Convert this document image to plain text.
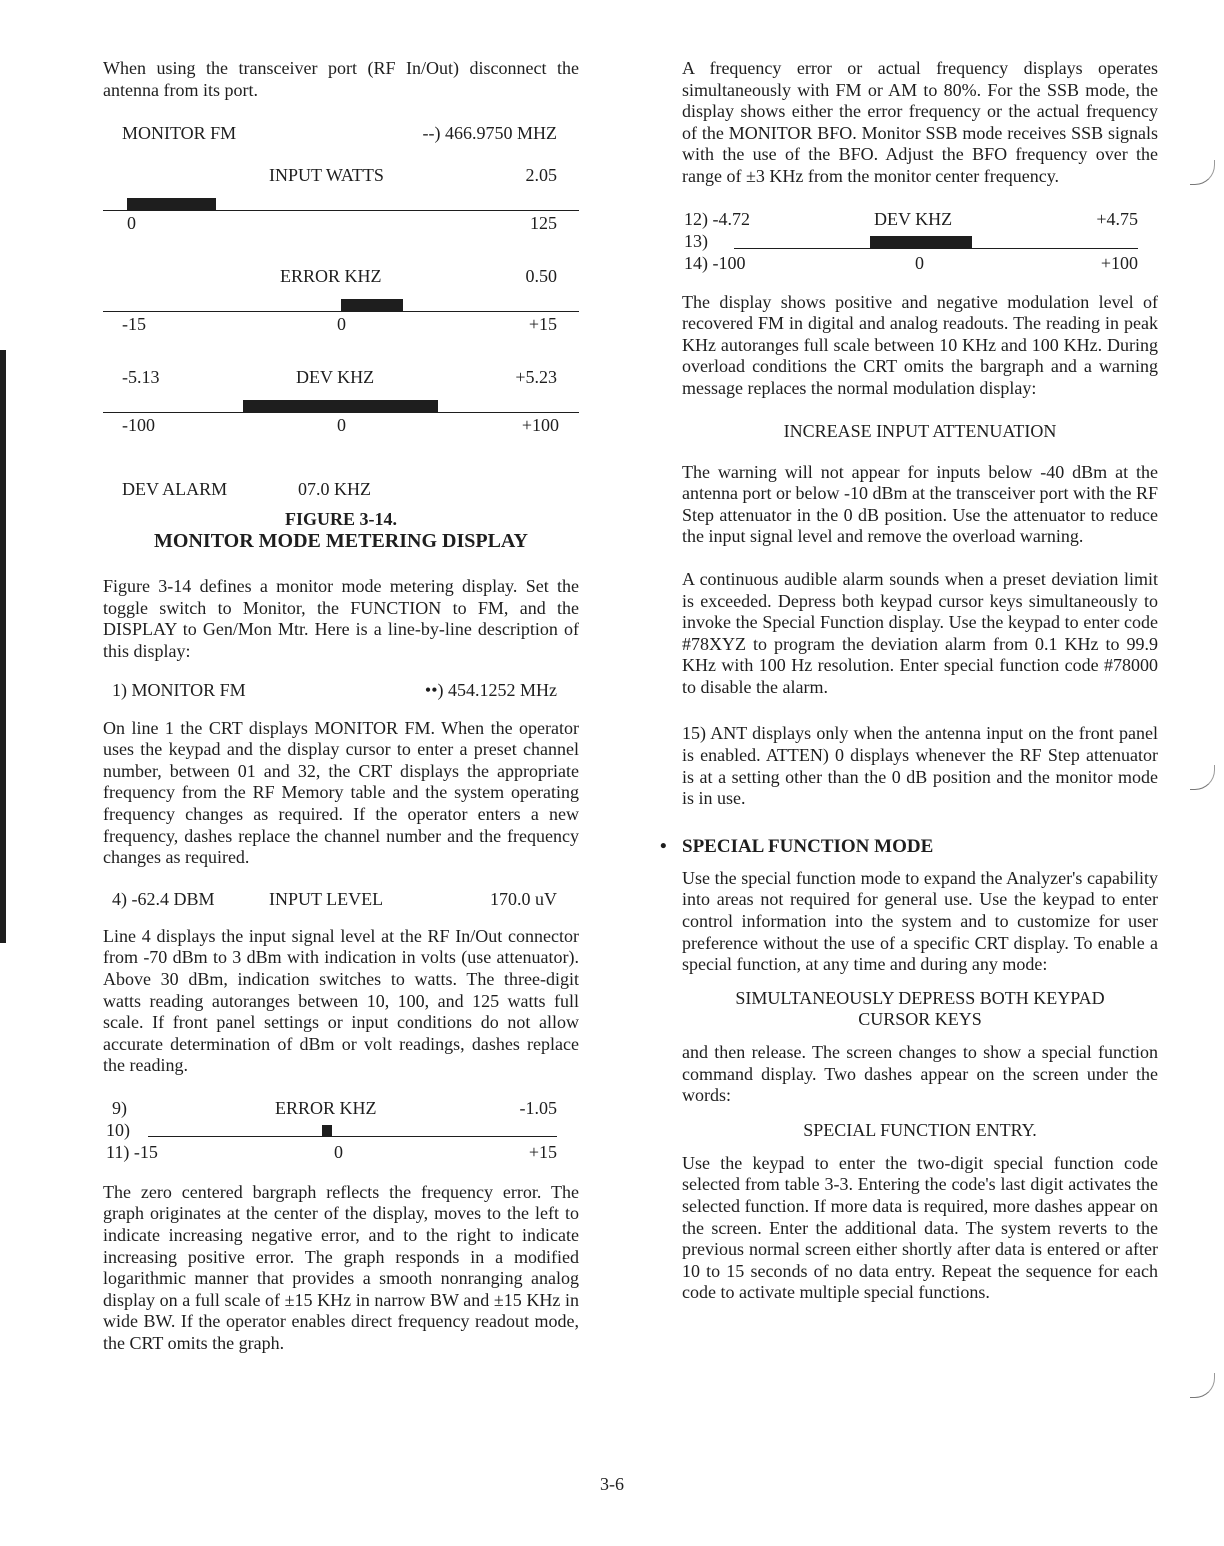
When using the transceiver port (RF In/Out) disconnect the antenna from its port.

MONITOR FM	--) 466.9750 MHZ
INPUT WATTS	2.05
0	125
ERROR KHZ	0.50
-15	0	+15
-5.13	DEV KHZ	+5.23
-100	0	+100
DEV ALARM	07.0 KHZ
FIGURE 3-14.
MONITOR MODE METERING DISPLAY

Figure 3-14 defines a monitor mode metering display. Set the toggle switch to Monitor, the FUNCTION to FM, and the DISPLAY to Gen/Mon Mtr. Here is a line-by-line description of this display:

1) MONITOR FM	••) 454.1252 MHz

On line 1 the CRT displays MONITOR FM. When the operator uses the keypad and the display cursor to enter a preset channel number, between 01 and 32, the CRT displays the appropriate frequency from the RF Memory table and the system operating frequency changes as required. If the operator enters a new frequency, dashes replace the channel number and the frequency changes as required.

4) -62.4 DBM	INPUT LEVEL	170.0 uV

Line 4 displays the input signal level at the RF In/Out connector from -70 dBm to 3 dBm with indication in volts (use attenuator). Above 30 dBm, indication switches to watts. The three-digit watts reading autoranges between 10, 100, and 125 watts full scale. If front panel settings or input conditions do not allow accurate determination of dBm or volt readings, dashes replace the reading.

9)	ERROR KHZ	-1.05
10)
11) -15	0	+15

The zero centered bargraph reflects the frequency error. The graph originates at the center of the display, moves to the left to indicate increasing negative error, and to the right to indicate increasing positive error. The graph responds in a modified logarithmic manner that provides a smooth nonranging analog display on a full scale of ±15 KHz in narrow BW and ±15 KHz in wide BW. If the operator enables direct frequency readout mode, the CRT omits the graph.

A frequency error or actual frequency displays operates simultaneously with FM or AM to 80%. For the SSB mode, the display shows either the error frequency or the actual frequency of the MONITOR BFO. Monitor SSB mode receives SSB signals with the use of the BFO. Adjust the BFO frequency over the range of ±3 KHz from the monitor center frequency.

12) -4.72	DEV KHZ	+4.75
13)
14) -100	0	+100

The display shows positive and negative modulation level of recovered FM in digital and analog readouts. The reading in peak KHz autoranges full scale between 10 KHz and 100 KHz. During overload conditions the CRT omits the bargraph and a warning message replaces the normal modulation display:

INCREASE INPUT ATTENUATION

The warning will not appear for inputs below -40 dBm at the antenna port or below -10 dBm at the transceiver port with the RF Step attenuator in the 0 dB position. Use the attenuator to reduce the input signal level and remove the overload warning.

A continuous audible alarm sounds when a preset deviation limit is exceeded. Depress both keypad cursor keys simultaneously to invoke the Special Function display. Use the keypad to enter code #78XYZ to program the deviation alarm from 0.1 KHz to 99.9 KHz with 100 Hz resolution. Enter special function code #78000 to disable the alarm.

15) ANT displays only when the antenna input on the front panel is enabled. ATTEN) 0 displays whenever the RF Step attenuator is at a setting other than the 0 dB position and the monitor mode is in use.

• SPECIAL FUNCTION MODE

Use the special function mode to expand the Analyzer's capability into areas not required for general use. Use the keypad to enter control information into the system and to customize for user preference without the use of a specific CRT display. To enable a special function, at any time and during any mode:

SIMULTANEOUSLY DEPRESS BOTH KEYPAD CURSOR KEYS

and then release. The screen changes to show a special function command display. Two dashes appear on the screen under the words:

SPECIAL FUNCTION ENTRY.

Use the keypad to enter the two-digit special function code selected from table 3-3. Entering the code's last digit activates the selected function. If more data is required, more dashes appear on the screen. Enter the additional data. The system reverts to the previous normal screen either shortly after data is entered or after 10 to 15 seconds of no data entry. Repeat the sequence for each code to activate multiple special functions.

3-6
